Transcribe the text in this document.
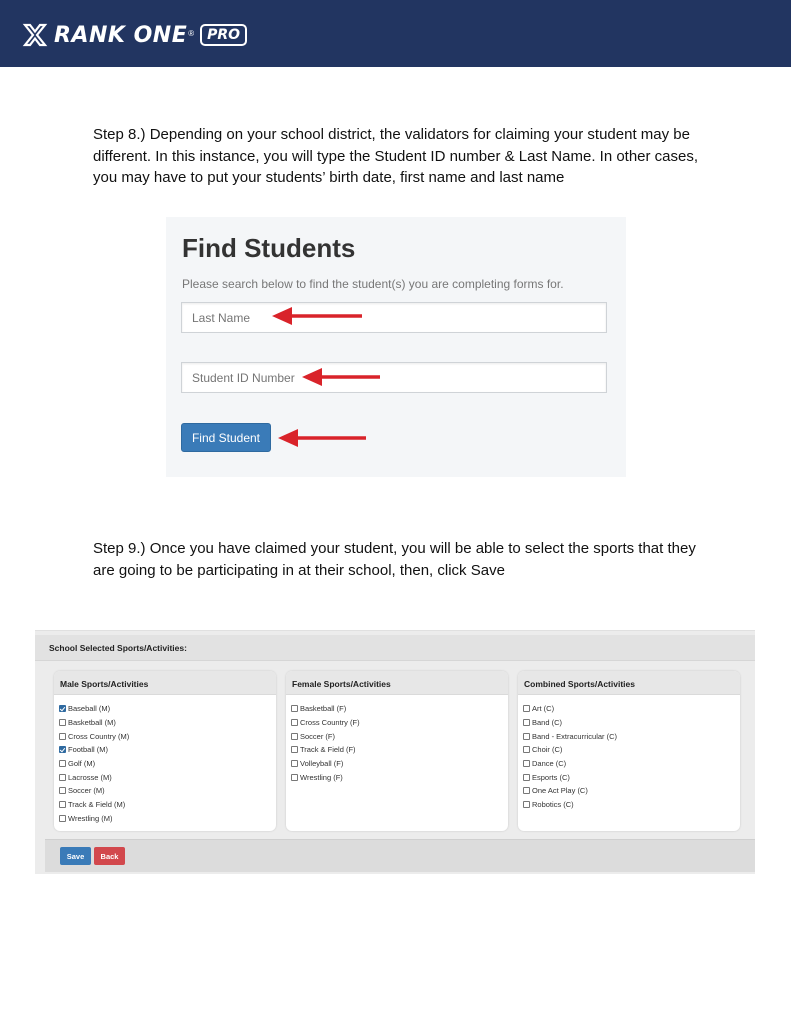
RANK ONE ® PRO

Step 8.) Depending on your school district, the validators for claiming your student may be different. In this instance, you will type the Student ID number & Last Name. In other cases, you may have to put your students’ birth date, first name and last name

Find Students
Please search below to find the student(s) you are completing forms for.
Last Name
Student ID Number
Find Student

Step 9.) Once you have claimed your student, you will be able to select the sports that they are going to be participating in at their school, then, click Save

School Selected Sports/Activities:
Male Sports/Activities
Baseball (M)
Basketball (M)
Cross Country (M)
Football (M)
Golf (M)
Lacrosse (M)
Soccer (M)
Track & Field (M)
Wrestling (M)
Female Sports/Activities
Basketball (F)
Cross Country (F)
Soccer (F)
Track & Field (F)
Volleyball (F)
Wrestling (F)
Combined Sports/Activities
Art (C)
Band (C)
Band - Extracurricular (C)
Choir (C)
Dance (C)
Esports (C)
One Act Play (C)
Robotics (C)
Save	Back
